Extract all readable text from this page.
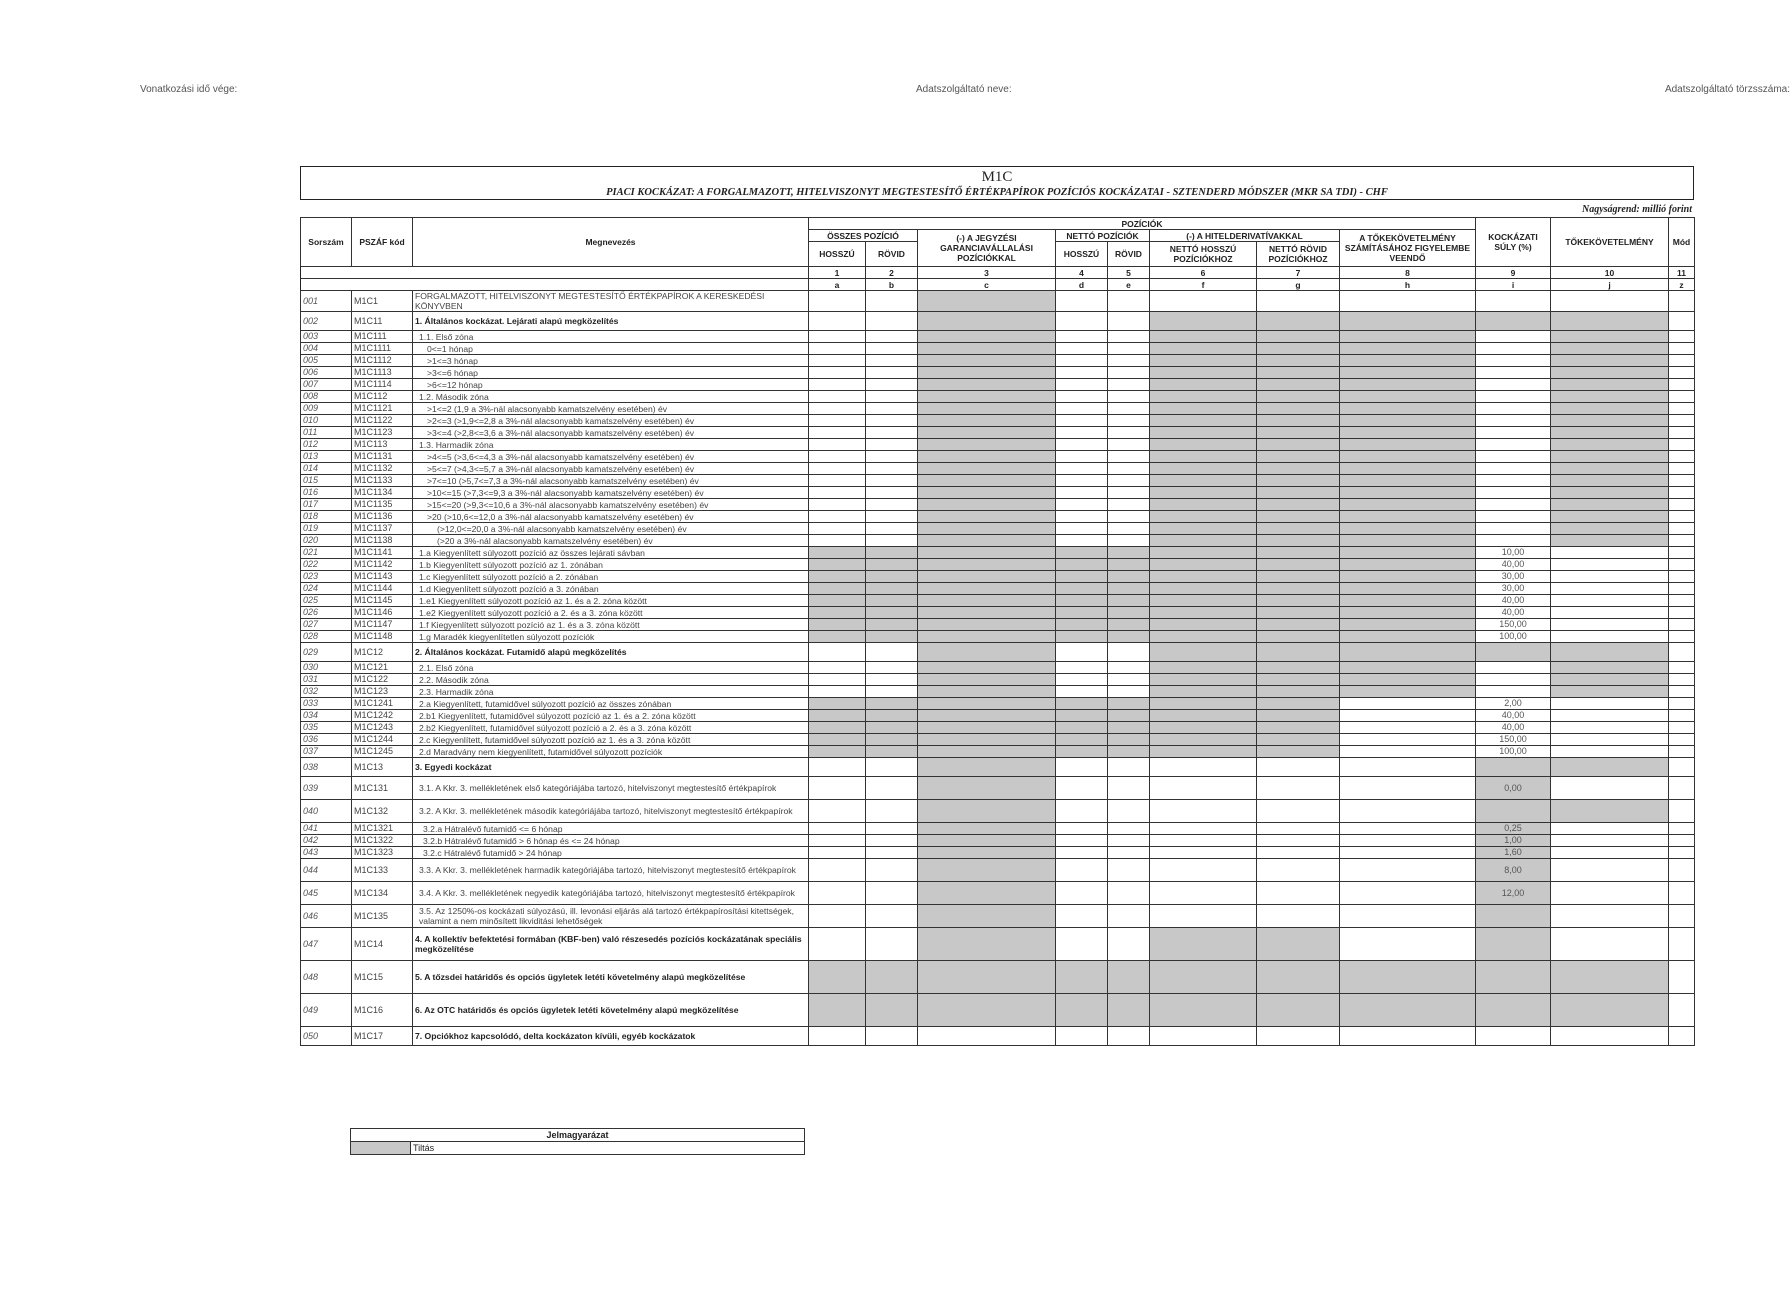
Vonatkozási idő vége:	Adatszolgáltató neve:	Adatszolgáltató törzsszáma:
M1C
PIACI KOCKÁZAT: A FORGALMAZOTT, HITELVISZONYT MEGTESTESÍTŐ ÉRTÉKPAPÍROK POZÍCIÓS KOCKÁZATAI - SZTENDERD MÓDSZER (MKR SA TDI) - CHF
Nagyságrend: millió forint
Sorszám	PSZÁF kód	Megnevezés	POZÍCIÓK								KOCKÁZATI SÚLY (%)	TŐKEKÖVETELMÉNY	Mód
			ÖSSZES POZÍCIÓ		(-) A JEGYZÉSI GARANCIAVÁLLALÁSI POZÍCIÓKKAL	NETTÓ POZÍCIÓK		(-) A HITELDERIVATÍVAKKAL		A TŐKEKÖVETELMÉNY SZÁMÍTÁSÁHOZ FIGYELEMBE VEENDŐ			
			HOSSZÚ	RÖVID		HOSSZÚ	RÖVID	NETTÓ HOSSZÚ POZÍCIÓKHOZ	NETTÓ RÖVID POZÍCIÓKHOZ				
			1	2	3	4	5	6	7	8	9	10	11
			a	b	c	d	e	f	g	h	i	j	z
001	M1C1	FORGALMAZOTT, HITELVISZONYT MEGTESTESÍTŐ ÉRTÉKPAPÍROK A KERESKEDÉSI KÖNYVBEN											
002	M1C11	1. Általános kockázat. Lejárati alapú megközelítés											
003	M1C111	1.1. Első zóna											
004	M1C1111	0<=1 hónap											
005	M1C1112	>1<=3 hónap											
006	M1C1113	>3<=6 hónap											
007	M1C1114	>6<=12 hónap											
008	M1C112	1.2. Második zóna											
009	M1C1121	>1<=2 (1,9 a 3%-nál alacsonyabb kamatszelvény esetében) év											
010	M1C1122	>2<=3 (>1,9<=2,8 a 3%-nál alacsonyabb kamatszelvény esetében) év											
011	M1C1123	>3<=4 (>2,8<=3,6 a 3%-nál alacsonyabb kamatszelvény esetében) év											
012	M1C113	1.3. Harmadik zóna											
013	M1C1131	>4<=5 (>3,6<=4,3 a 3%-nál alacsonyabb kamatszelvény esetében) év											
014	M1C1132	>5<=7 (>4,3<=5,7 a 3%-nál alacsonyabb kamatszelvény esetében) év											
015	M1C1133	>7<=10 (>5,7<=7,3 a 3%-nál alacsonyabb kamatszelvény esetében) év											
016	M1C1134	>10<=15 (>7,3<=9,3 a 3%-nál alacsonyabb kamatszelvény esetében) év											
017	M1C1135	>15<=20 (>9,3<=10,6 a 3%-nál alacsonyabb kamatszelvény esetében) év											
018	M1C1136	>20 (>10,6<=12,0 a 3%-nál alacsonyabb kamatszelvény esetében) év											
019	M1C1137	(>12,0<=20,0 a 3%-nál alacsonyabb kamatszelvény esetében) év											
020	M1C1138	(>20 a 3%-nál alacsonyabb kamatszelvény esetében) év											
021	M1C1141	1.a Kiegyenlített súlyozott pozíció az összes lejárati sávban									10,00		
022	M1C1142	1.b Kiegyenlített súlyozott pozíció az 1. zónában									40,00		
023	M1C1143	1.c Kiegyenlített súlyozott pozíció a 2. zónában									30,00		
024	M1C1144	1.d Kiegyenlített súlyozott pozíció a 3. zónában									30,00		
025	M1C1145	1.e1 Kiegyenlített súlyozott pozíció az 1. és a 2. zóna között									40,00		
026	M1C1146	1.e2 Kiegyenlített súlyozott pozíció a 2. és a 3. zóna között									40,00		
027	M1C1147	1.f Kiegyenlített súlyozott pozíció az 1. és a 3. zóna között									150,00		
028	M1C1148	1.g Maradék kiegyenlítetlen súlyozott pozíciók									100,00		
029	M1C12	2. Általános kockázat. Futamidő alapú megközelítés											
030	M1C121	2.1. Első zóna											
031	M1C122	2.2. Második zóna											
032	M1C123	2.3. Harmadik zóna											
033	M1C1241	2.a Kiegyenlített, futamidővel súlyozott pozíció az összes zónában									2,00		
034	M1C1242	2.b1 Kiegyenlített, futamidővel súlyozott pozíció az 1. és a 2. zóna között									40,00		
035	M1C1243	2.b2 Kiegyenlített, futamidővel súlyozott pozíció a 2. és a 3. zóna között									40,00		
036	M1C1244	2.c Kiegyenlített, futamidővel súlyozott pozíció az 1. és a 3. zóna között									150,00		
037	M1C1245	2.d Maradvány nem kiegyenlített, futamidővel súlyozott pozíciók									100,00		
038	M1C13	3. Egyedi kockázat											
039	M1C131	3.1. A Kkr. 3. mellékletének első kategóriájába tartozó, hitelviszonyt megtestesítő értékpapírok									0,00		
040	M1C132	3.2. A Kkr. 3. mellékletének második kategóriájába tartozó, hitelviszonyt megtestesítő értékpapírok											
041	M1C1321	3.2.a Hátralévő futamidő <= 6 hónap									0,25		
042	M1C1322	3.2.b Hátralévő futamidő > 6 hónap és <= 24 hónap									1,00		
043	M1C1323	3.2.c Hátralévő futamidő > 24 hónap									1,60		
044	M1C133	3.3. A Kkr. 3. mellékletének harmadik kategóriájába tartozó, hitelviszonyt megtestesítő értékpapírok									8,00		
045	M1C134	3.4. A Kkr. 3. mellékletének negyedik kategóriájába tartozó, hitelviszonyt megtestesítő értékpapírok									12,00		
046	M1C135	3.5. Az 1250%-os kockázati súlyozású, ill. levonási eljárás alá tartozó értékpapírosítási kitettségek, valamint a nem minősített likviditási lehetőségek											
047	M1C14	4. A kollektív befektetési formában (KBF-ben) való részesedés pozíciós kockázatának speciális megközelítése											
048	M1C15	5. A tőzsdei határidős és opciós ügyletek letéti követelmény alapú megközelítése											
049	M1C16	6. Az OTC határidős és opciós ügyletek letéti követelmény alapú megközelítése											
050	M1C17	7. Opciókhoz kapcsolódó, delta kockázaton kívüli, egyéb kockázatok											
Jelmagyarázat
	Tiltás
